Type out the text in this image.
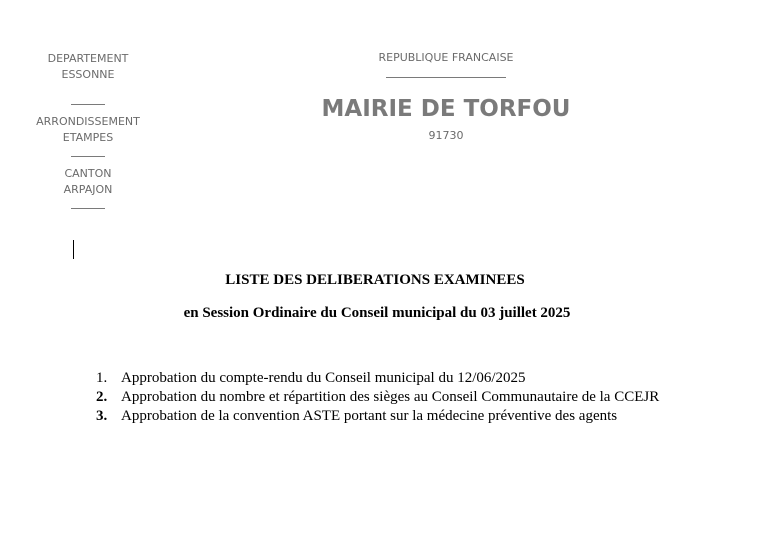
DEPARTEMENT
ESSONNE
ARRONDISSEMENT
ETAMPES
CANTON
ARPAJON
REPUBLIQUE FRANCAISE
MAIRIE DE TORFOU
91730
LISTE DES DELIBERATIONS EXAMINEES
en Session Ordinaire du Conseil municipal du 03 juillet 2025
1. Approbation du compte-rendu du Conseil municipal du 12/06/2025
2. Approbation du nombre et répartition des sièges au Conseil Communautaire de la CCEJR
3. Approbation de la convention ASTE portant sur la médecine préventive des agents
